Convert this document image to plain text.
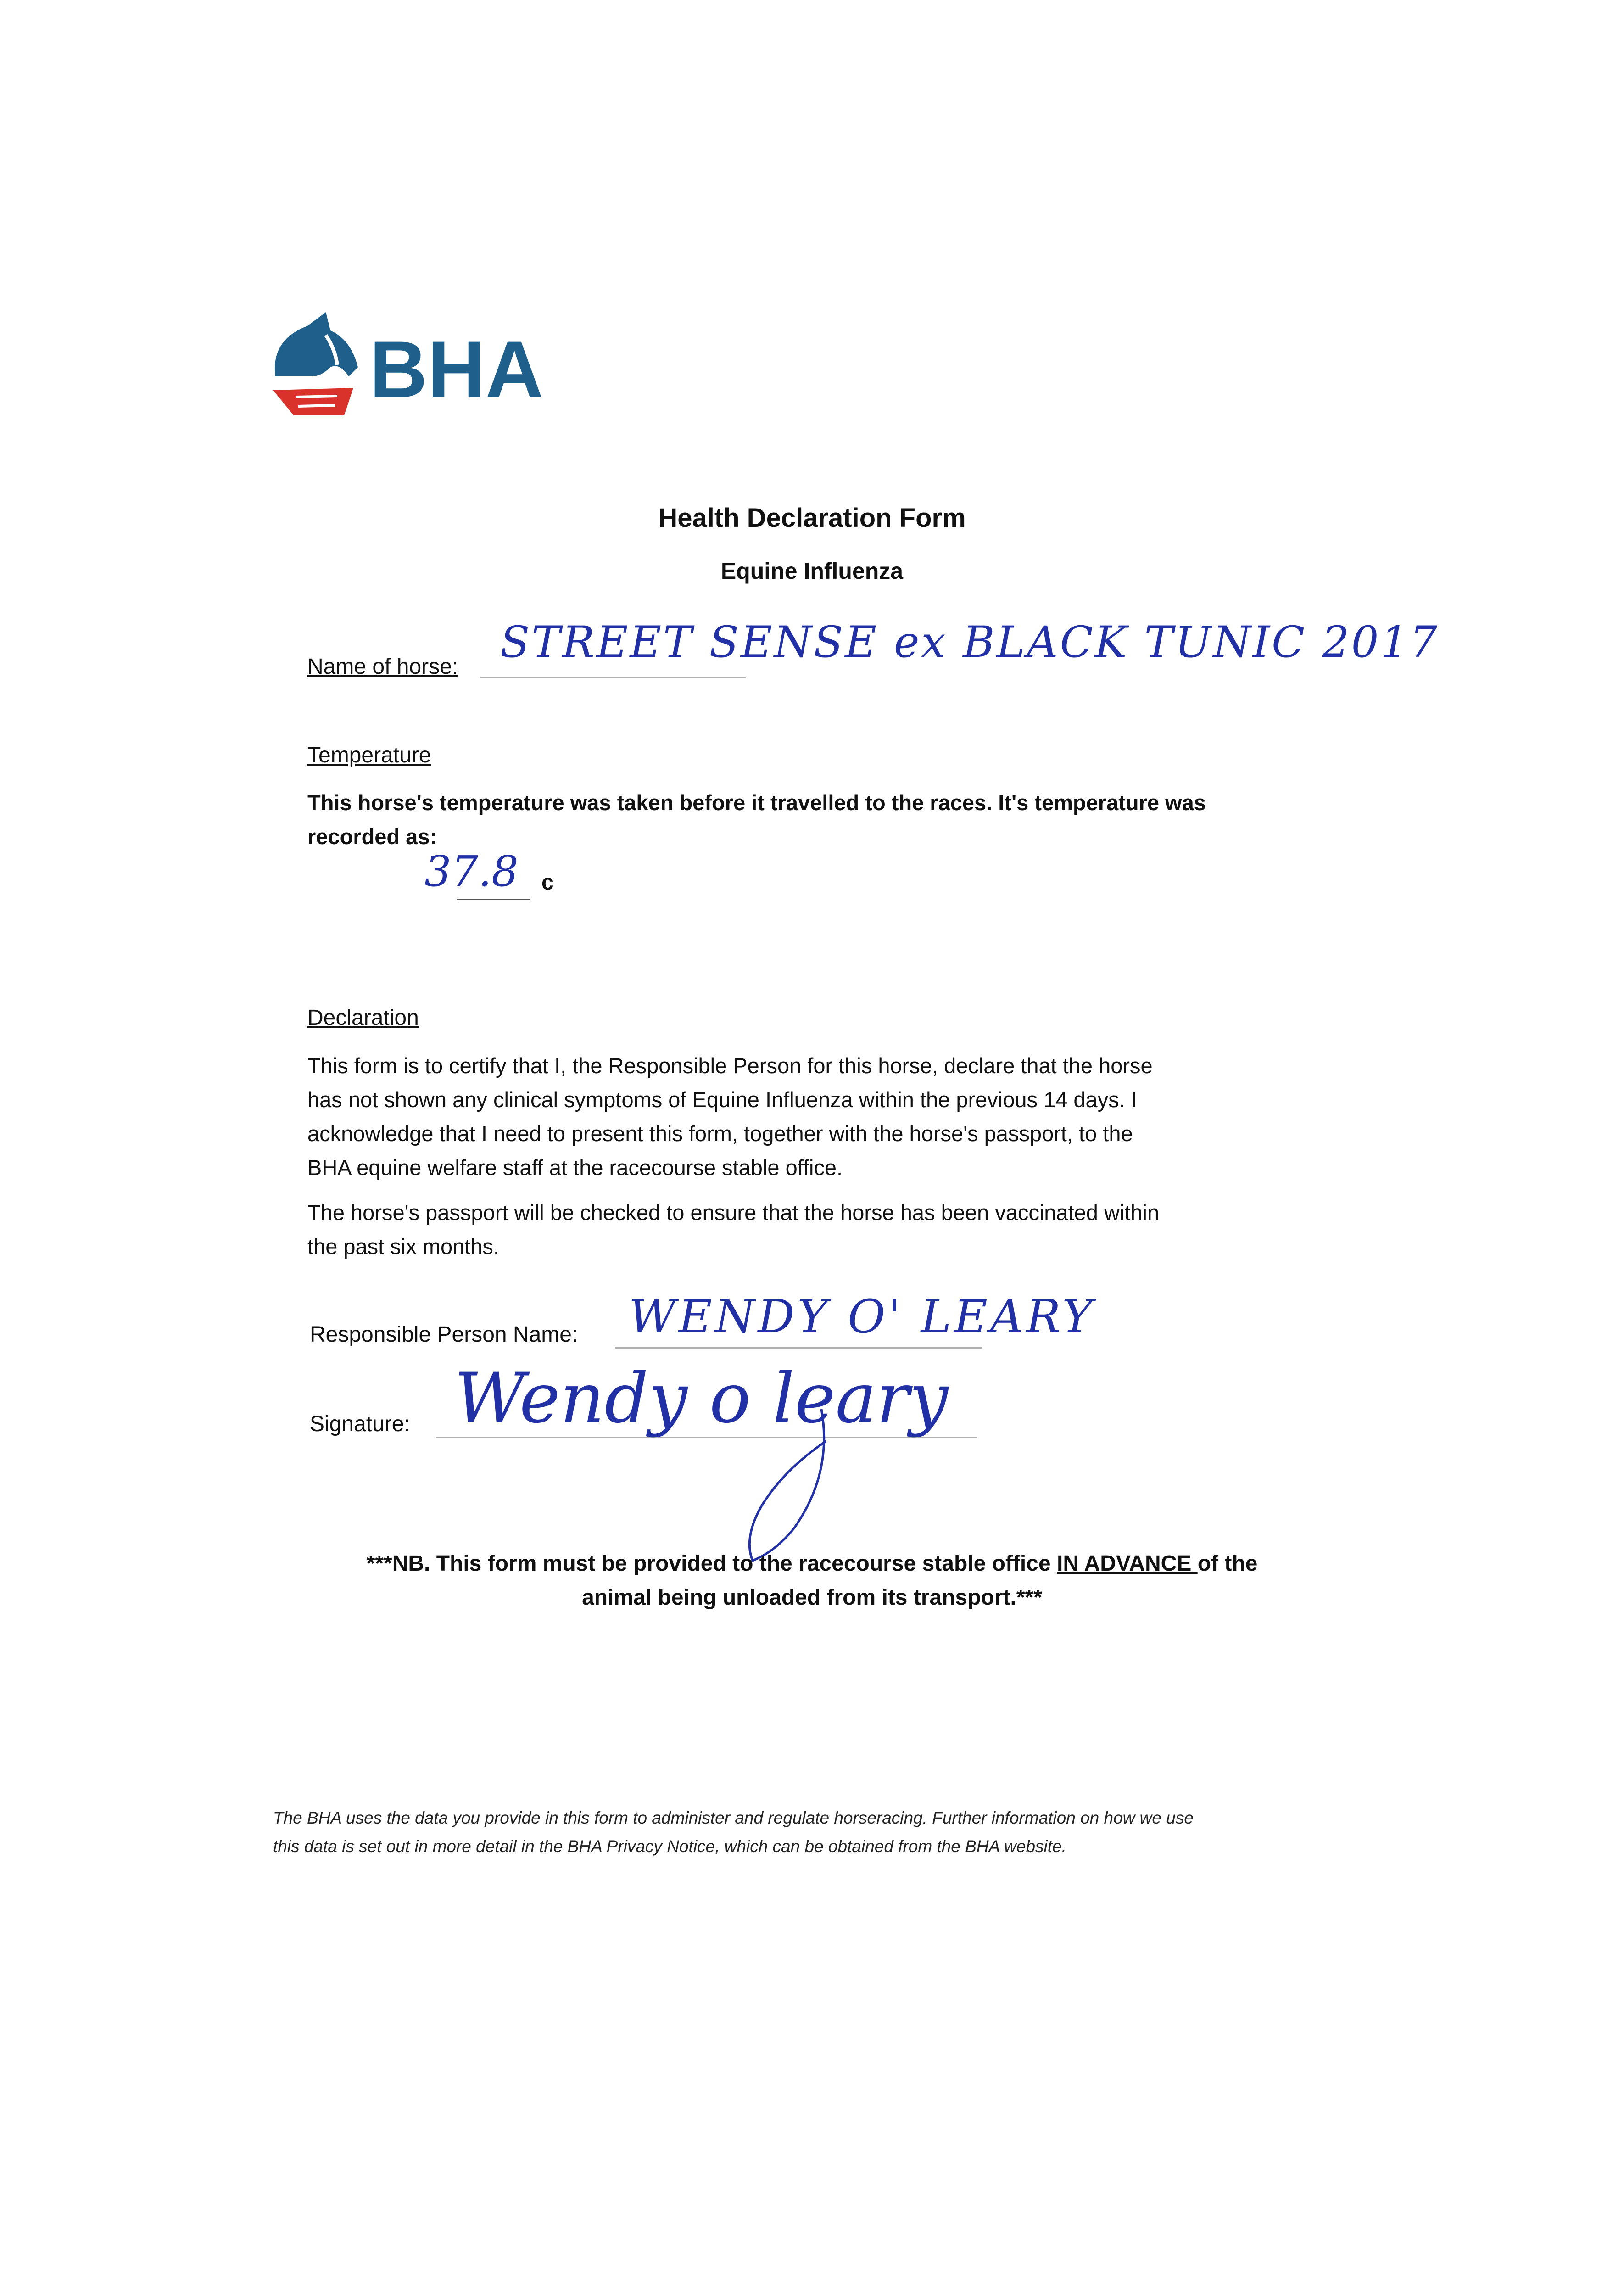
BHA
Health Declaration Form
Equine Influenza
Name of horse: STREET SENSE ex BLACK TUNIC 2017
Temperature
This horse's temperature was taken before it travelled to the races. It's temperature was
recorded as:
37.8 c
Declaration
This form is to certify that I, the Responsible Person for this horse, declare that the horse
has not shown any clinical symptoms of Equine Influenza within the previous 14 days. I
acknowledge that I need to present this form, together with the horse's passport, to the
BHA equine welfare staff at the racecourse stable office.
The horse's passport will be checked to ensure that the horse has been vaccinated within
the past six months.
Responsible Person Name: WENDY O' LEARY
Signature: Wendy o leary
***NB. This form must be provided to the racecourse stable office IN ADVANCE of the
animal being unloaded from its transport.***
The BHA uses the data you provide in this form to administer and regulate horseracing. Further information on how we use
this data is set out in more detail in the BHA Privacy Notice, which can be obtained from the BHA website.
